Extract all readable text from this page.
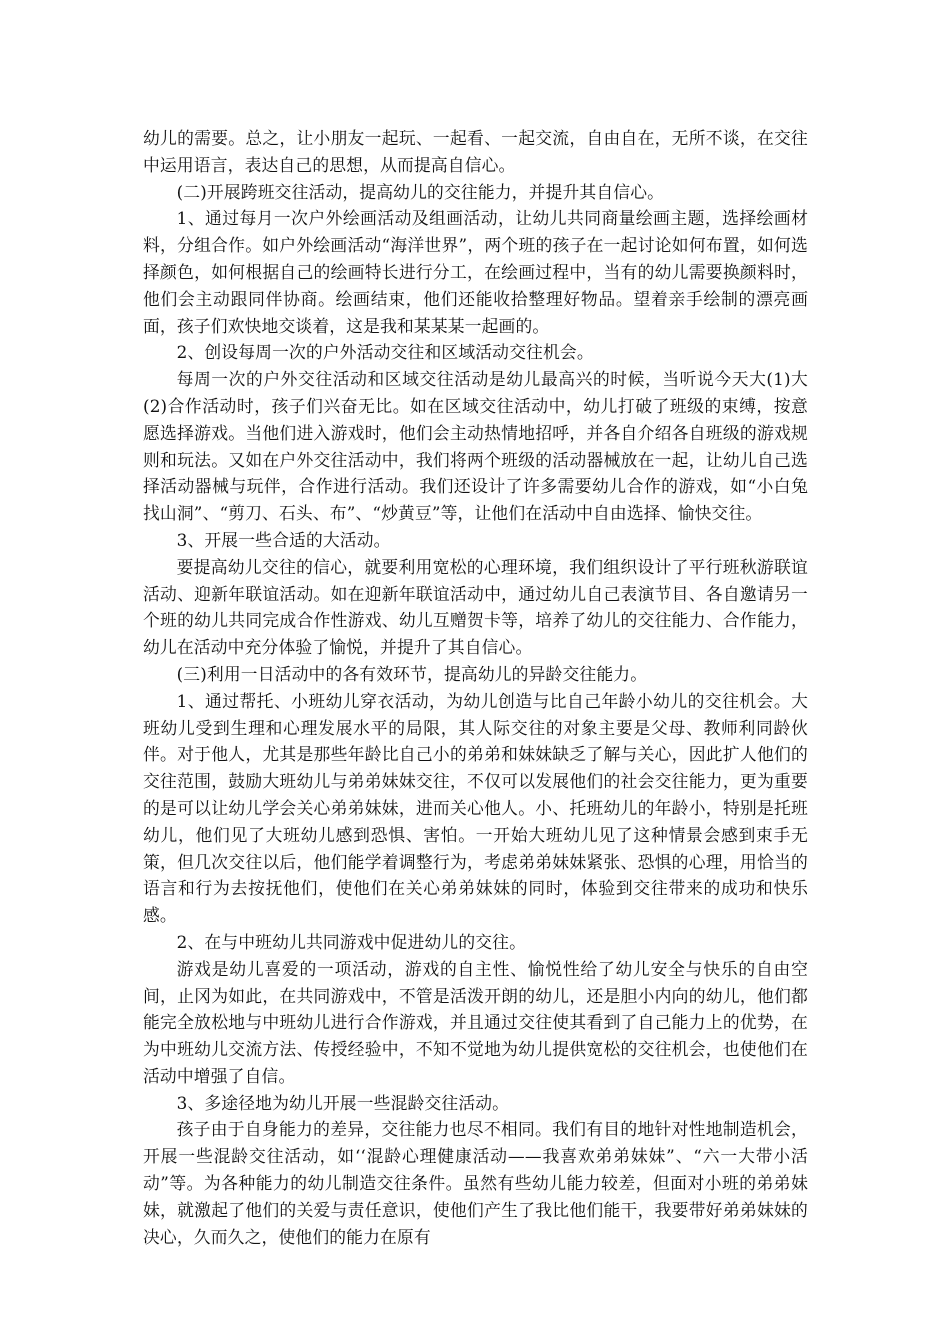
幼儿的需要。总之，让小朋友一起玩、一起看、一起交流，自由自在，无所不谈，在交往中运用语言，表达自己的思想，从而提高自信心。

(二)开展跨班交往活动，提高幼儿的交往能力，并提升其自信心。

1、通过每月一次户外绘画活动及组画活动，让幼儿共同商量绘画主题，选择绘画材料，分组合作。如户外绘画活动“海洋世界”，两个班的孩子在一起讨论如何布置，如何选择颜色，如何根据自己的绘画特长进行分工，在绘画过程中，当有的幼儿需要换颜料时，他们会主动跟同伴协商。绘画结束，他们还能收拾整理好物品。望着亲手绘制的漂亮画面，孩子们欢快地交谈着，这是我和某某某一起画的。

2、创设每周一次的户外活动交往和区域活动交往机会。

每周一次的户外交往活动和区域交往活动是幼儿最高兴的时候，当听说今天大(1)大(2)合作活动时，孩子们兴奋无比。如在区域交往活动中，幼儿打破了班级的束缚，按意愿选择游戏。当他们进入游戏时，他们会主动热情地招呼，并各自介绍各自班级的游戏规则和玩法。又如在户外交往活动中，我们将两个班级的活动器械放在一起，让幼儿自己选择活动器械与玩伴，合作进行活动。我们还设计了许多需要幼儿合作的游戏，如“小白兔找山洞”、“剪刀、石头、布”、“炒黄豆”等，让他们在活动中自由选择、愉快交往。

3、开展一些合适的大活动。

要提高幼儿交往的信心，就要利用宽松的心理环境，我们组织设计了平行班秋游联谊活动、迎新年联谊活动。如在迎新年联谊活动中，通过幼儿自己表演节目、各自邀请另一个班的幼儿共同完成合作性游戏、幼儿互赠贺卡等，培养了幼儿的交往能力、合作能力，幼儿在活动中充分体验了愉悦，并提升了其自信心。

(三)利用一日活动中的各有效环节，提高幼儿的异龄交往能力。

1、通过帮托、小班幼儿穿衣活动，为幼儿创造与比自己年龄小幼儿的交往机会。大班幼儿受到生理和心理发展水平的局限，其人际交往的对象主要是父母、教师利同龄伙伴。对于他人，尤其是那些年龄比自己小的弟弟和妹妹缺乏了解与关心，因此扩人他们的交往范围，鼓励大班幼儿与弟弟妹妹交往，不仅可以发展他们的社会交往能力，更为重要的是可以让幼儿学会关心弟弟妹妹，进而关心他人。小、托班幼儿的年龄小，特别是托班幼儿，他们见了大班幼儿感到恐惧、害怕。一开始大班幼儿见了这种情景会感到束手无策，但几次交往以后，他们能学着调整行为，考虑弟弟妹妹紧张、恐惧的心理，用恰当的语言和行为去按抚他们，使他们在关心弟弟妹妹的同时，体验到交往带来的成功和快乐感。

2、在与中班幼儿共同游戏中促进幼儿的交往。

游戏是幼儿喜爱的一项活动，游戏的自主性、愉悦性给了幼儿安全与快乐的自由空间，止冈为如此，在共同游戏中，不管是活泼开朗的幼儿，还是胆小内向的幼儿，他们都能完全放松地与中班幼儿进行合作游戏，并且通过交往使其看到了自己能力上的优势，在为中班幼儿交流方法、传授经验中，不知不觉地为幼儿提供宽松的交往机会，也使他们在活动中增强了自信。

3、多途径地为幼儿开展一些混龄交往活动。

孩子由于自身能力的差异，交往能力也尽不相同。我们有目的地针对性地制造机会，开展一些混龄交往活动，如‘‘混龄心理健康活动——我喜欢弟弟妹妹”、“六一大带小活动”等。为各种能力的幼儿制造交往条件。虽然有些幼儿能力较差，但面对小班的弟弟妹妹，就激起了他们的关爱与责任意识，使他们产生了我比他们能干，我要带好弟弟妹妹的决心，久而久之，使他们的能力在原有
